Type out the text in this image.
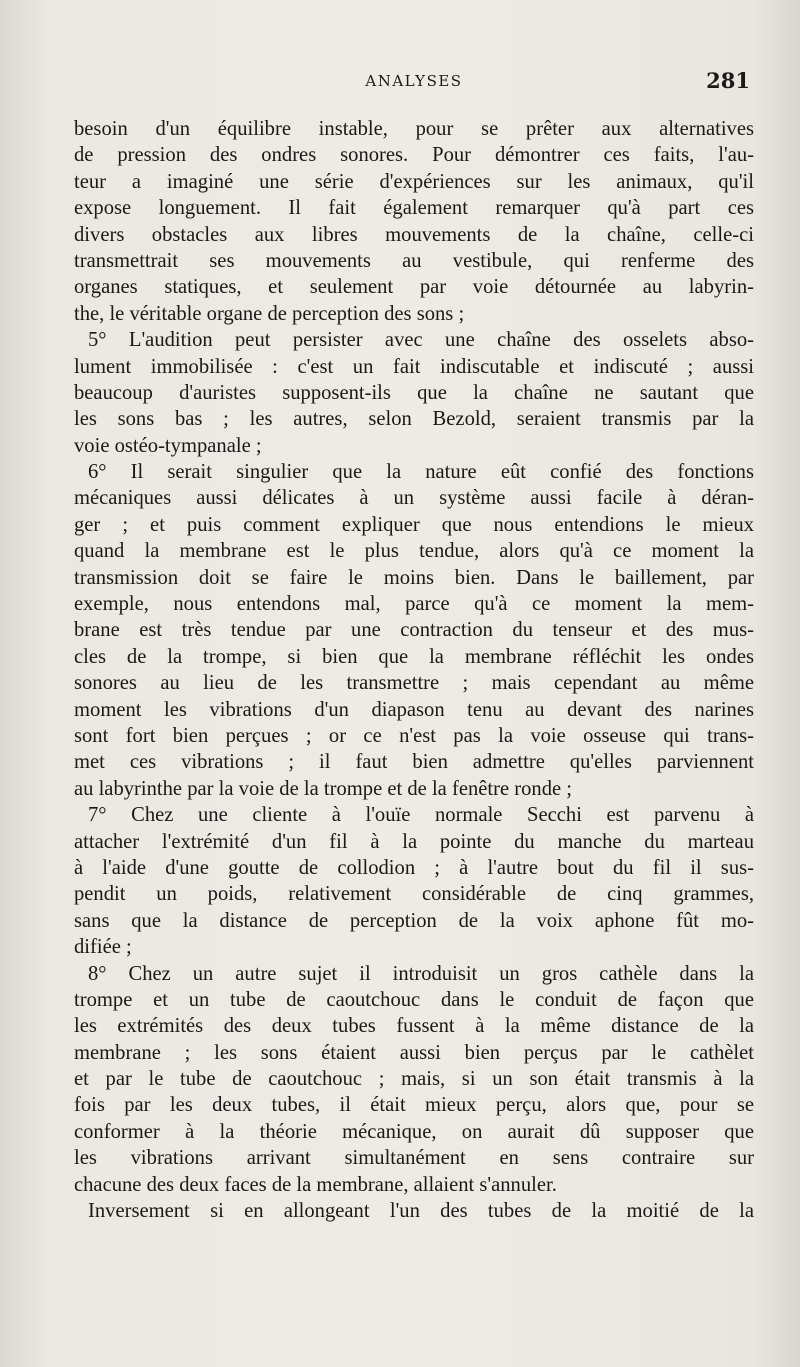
ANALYSES	281
besoin d'un équilibre instable, pour se prêter aux alternatives
de pression des ondres sonores. Pour démontrer ces faits, l'au-
teur a imaginé une série d'expériences sur les animaux, qu'il
expose longuement. Il fait également remarquer qu'à part ces
divers obstacles aux libres mouvements de la chaîne, celle-ci
transmettrait ses mouvements au vestibule, qui renferme des
organes statiques, et seulement par voie détournée au labyrin-
the, le véritable organe de perception des sons ;
5° L'audition peut persister avec une chaîne des osselets abso-
lument immobilisée : c'est un fait indiscutable et indiscuté ; aussi
beaucoup d'auristes supposent-ils que la chaîne ne sautant que
les sons bas ; les autres, selon Bezold, seraient transmis par la
voie ostéo-tympanale ;
6° Il serait singulier que la nature eût confié des fonctions
mécaniques aussi délicates à un système aussi facile à déran-
ger ; et puis comment expliquer que nous entendions le mieux
quand la membrane est le plus tendue, alors qu'à ce moment la
transmission doit se faire le moins bien. Dans le baillement, par
exemple, nous entendons mal, parce qu'à ce moment la mem-
brane est très tendue par une contraction du tenseur et des mus-
cles de la trompe, si bien que la membrane réfléchit les ondes
sonores au lieu de les transmettre ; mais cependant au même
moment les vibrations d'un diapason tenu au devant des narines
sont fort bien perçues ; or ce n'est pas la voie osseuse qui trans-
met ces vibrations ; il faut bien admettre qu'elles parviennent
au labyrinthe par la voie de la trompe et de la fenêtre ronde ;
7° Chez une cliente à l'ouïe normale Secchi est parvenu à
attacher l'extrémité d'un fil à la pointe du manche du marteau
à l'aide d'une goutte de collodion ; à l'autre bout du fil il sus-
pendit un poids, relativement considérable de cinq grammes,
sans que la distance de perception de la voix aphone fût mo-
difiée ;
8° Chez un autre sujet il introduisit un gros cathèle dans la
trompe et un tube de caoutchouc dans le conduit de façon que
les extrémités des deux tubes fussent à la même distance de la
membrane ; les sons étaient aussi bien perçus par le cathèlet
et par le tube de caoutchouc ; mais, si un son était transmis à la
fois par les deux tubes, il était mieux perçu, alors que, pour se
conformer à la théorie mécanique, on aurait dû supposer que
les vibrations arrivant simultanément en sens contraire sur
chacune des deux faces de la membrane, allaient s'annuler.
Inversement si en allongeant l'un des tubes de la moitié de la
